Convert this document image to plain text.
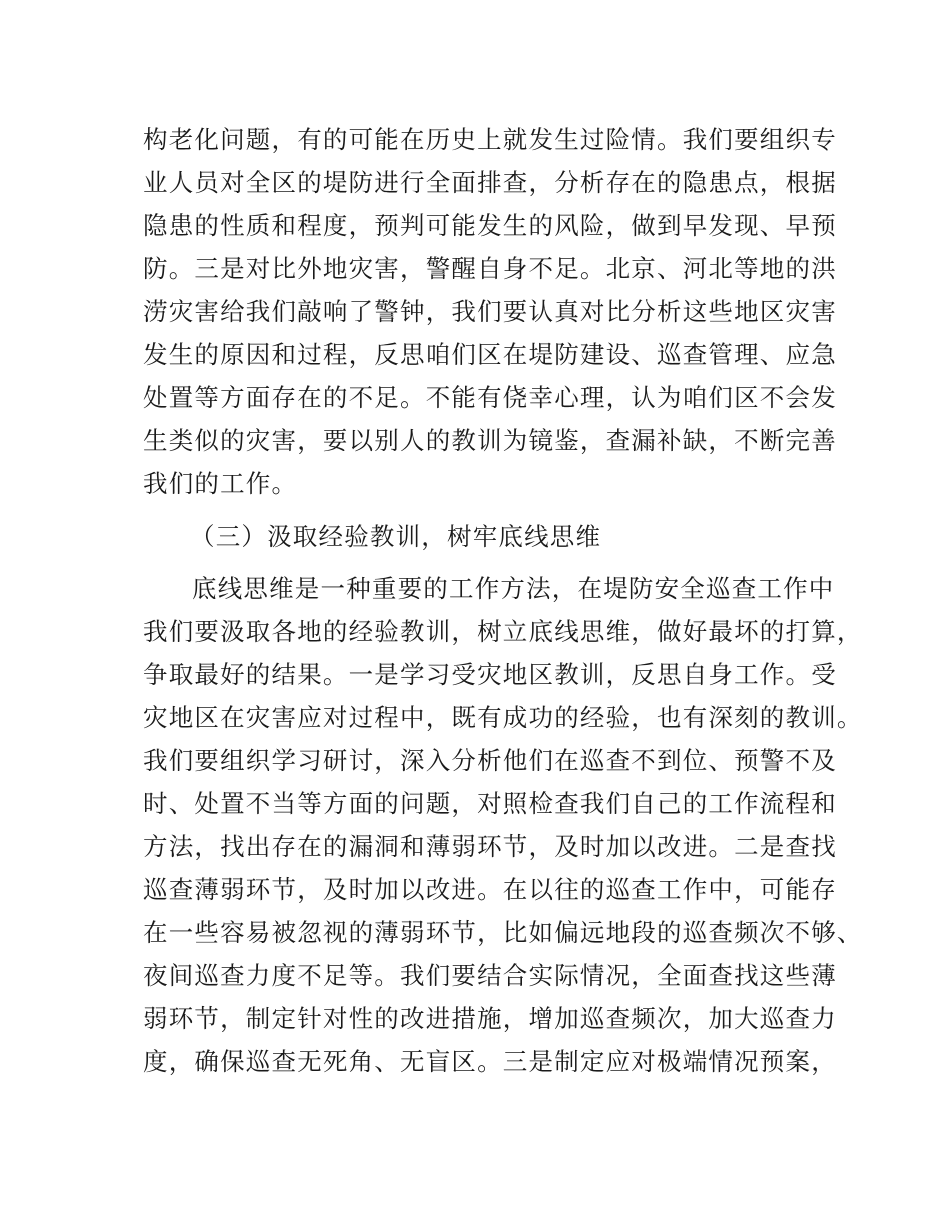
构老化问题，有的可能在历史上就发生过险情。我们要组织专

业人员对全区的堤防进行全面排查，分析存在的隐患点，根据

隐患的性质和程度，预判可能发生的风险，做到早发现、早预

防。三是对比外地灾害，警醒自身不足。北京、河北等地的洪

涝灾害给我们敲响了警钟，我们要认真对比分析这些地区灾害

发生的原因和过程，反思咱们区在堤防建设、巡查管理、应急

处置等方面存在的不足。不能有侥幸心理，认为咱们区不会发

生类似的灾害，要以别人的教训为镜鉴，查漏补缺，不断完善

我们的工作。

（三）汲取经验教训，树牢底线思维

底线思维是一种重要的工作方法，在堤防安全巡查工作中

我们要汲取各地的经验教训，树立底线思维，做好最坏的打算，

争取最好的结果。一是学习受灾地区教训，反思自身工作。受

灾地区在灾害应对过程中，既有成功的经验，也有深刻的教训。

我们要组织学习研讨，深入分析他们在巡查不到位、预警不及

时、处置不当等方面的问题，对照检查我们自己的工作流程和

方法，找出存在的漏洞和薄弱环节，及时加以改进。二是查找

巡查薄弱环节，及时加以改进。在以往的巡查工作中，可能存

在一些容易被忽视的薄弱环节，比如偏远地段的巡查频次不够、

夜间巡查力度不足等。我们要结合实际情况，全面查找这些薄

弱环节，制定针对性的改进措施，增加巡查频次，加大巡查力

度，确保巡查无死角、无盲区。三是制定应对极端情况预案，
